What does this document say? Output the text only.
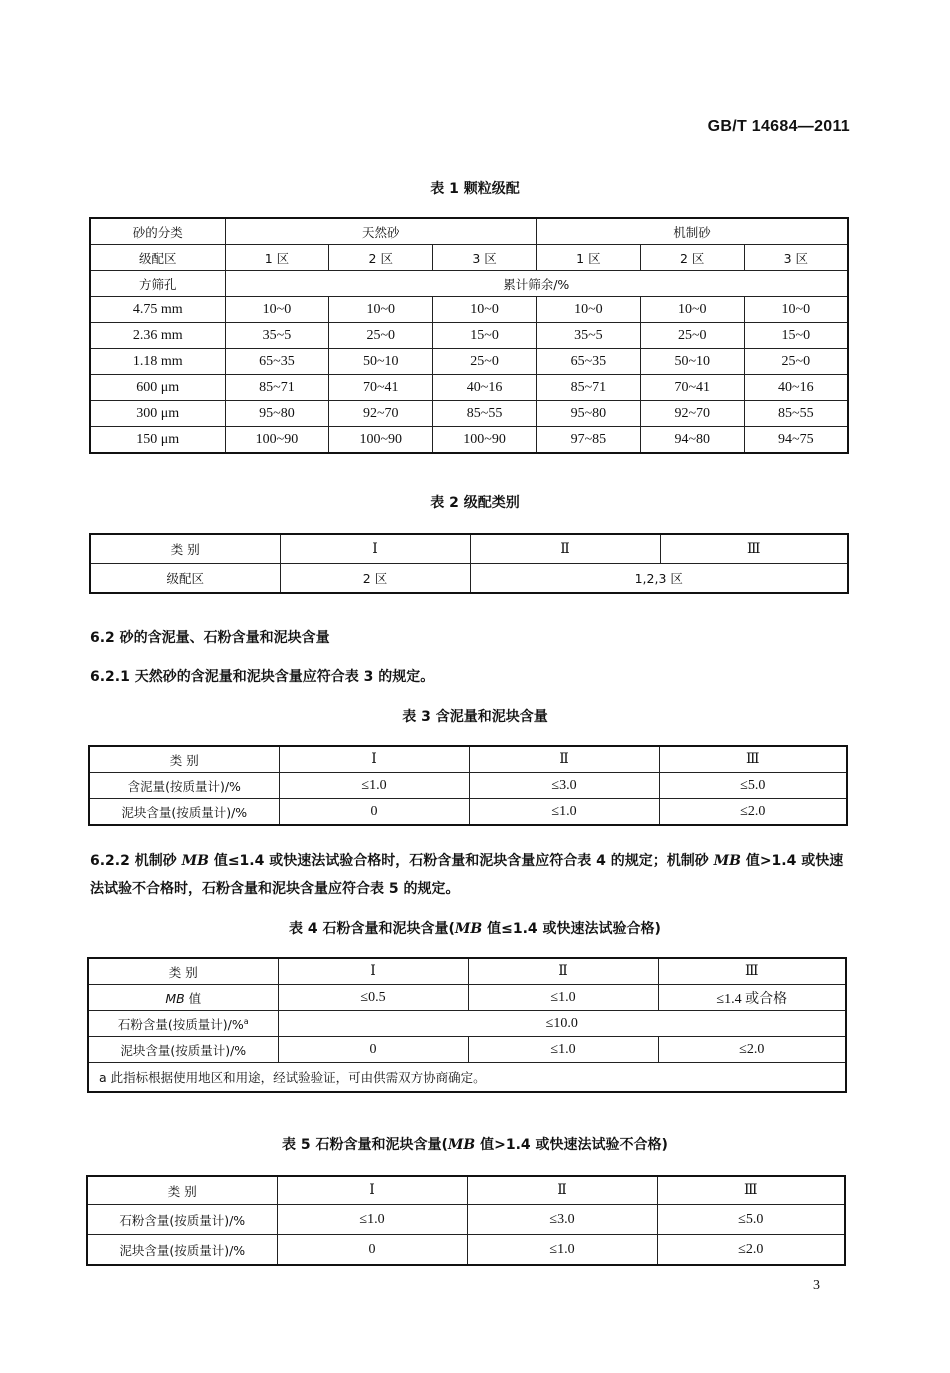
GB/T 14684—2011
表 1 颗粒级配
砂的分类	天然砂			机制砂		
级配区	1 区	2 区	3 区	1 区	2 区	3 区
方筛孔	累计筛余/%					
4.75 mm	10~0	10~0	10~0	10~0	10~0	10~0
2.36 mm	35~5	25~0	15~0	35~5	25~0	15~0
1.18 mm	65~35	50~10	25~0	65~35	50~10	25~0
600 μm	85~71	70~41	40~16	85~71	70~41	40~16
300 μm	95~80	92~70	85~55	95~80	92~70	85~55
150 μm	100~90	100~90	100~90	97~85	94~80	94~75
表 2 级配类别
类 别	Ⅰ	Ⅱ	Ⅲ
级配区	2 区	1,2,3 区	
6.2 砂的含泥量、石粉含量和泥块含量
6.2.1 天然砂的含泥量和泥块含量应符合表 3 的规定。
表 3 含泥量和泥块含量
类 别	Ⅰ	Ⅱ	Ⅲ
含泥量(按质量计)/%	≤1.0	≤3.0	≤5.0
泥块含量(按质量计)/%	0	≤1.0	≤2.0
6.2.2 机制砂 MB 值≤1.4 或快速法试验合格时，石粉含量和泥块含量应符合表 4 的规定；机制砂 MB 值>1.4 或快速法试验不合格时，石粉含量和泥块含量应符合表 5 的规定。
表 4 石粉含量和泥块含量(MB 值≤1.4 或快速法试验合格)
类 别	Ⅰ	Ⅱ	Ⅲ
MB 值	≤0.5	≤1.0	≤1.4 或合格
石粉含量(按质量计)/%$^a$	≤10.0		
泥块含量(按质量计)/%	0	≤1.0	≤2.0
a 此指标根据使用地区和用途，经试验验证，可由供需双方协商确定。			
表 5 石粉含量和泥块含量(MB 值>1.4 或快速法试验不合格)
类 别	Ⅰ	Ⅱ	Ⅲ
石粉含量(按质量计)/%	≤1.0	≤3.0	≤5.0
泥块含量(按质量计)/%	0	≤1.0	≤2.0
3
